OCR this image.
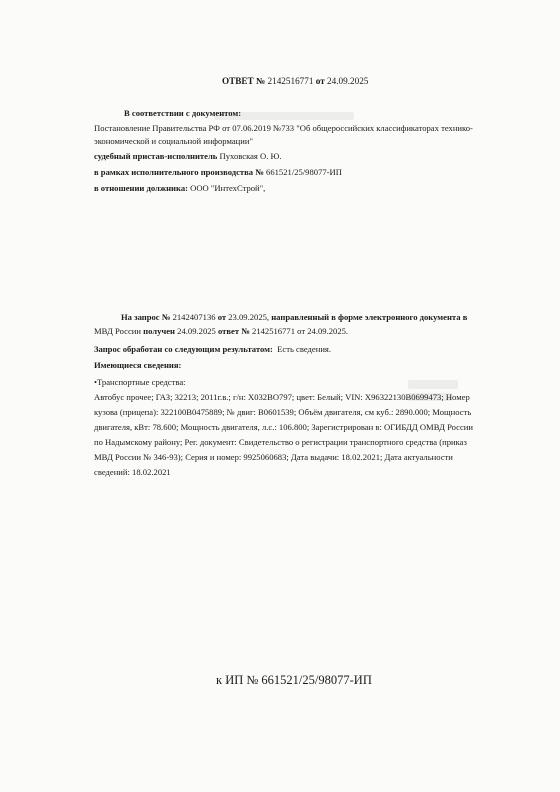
ОТВЕТ № 2142516771 от 24.09.2025
В соответствии с документом:
Постановление Правительства РФ от 07.06.2019 №733 "Об общероссийских классификаторах технико-
экономической и социальной информации"
судебный пристав-исполнитель Пуховская О. Ю.
в рамках исполнительного производства № 661521/25/98077-ИП
в отношении должника: ООО "ИнтехСтрой",
На запрос № 2142407136 от 23.09.2025, направленный в форме электронного документа в
МВД России получен 24.09.2025 ответ № 2142516771 от 24.09.2025.
Запрос обработан со следующим результатом: Есть сведения.
Имеющиеся сведения:
•Транспортные средства:
Автобус прочее; ГАЗ; 32213; 2011г.в.; г/н: Х032ВО797; цвет: Белый; VIN: Х96322130В0699473; Номер
кузова (прицепа): 322100В0475889; № двиг: В0601539; Объём двигателя, см куб.: 2890.000; Мощность
двигателя, кВт: 78.600; Мощность двигателя, л.с.: 106.800; Зарегистрирован в: ОГИБДД ОМВД России
по Надымскому району; Рег. документ: Свидетельство о регистрации транспортного средства (приказ
МВД России № 346-93); Серия и номер: 9925060683; Дата выдачи: 18.02.2021; Дата актуальности
сведений: 18.02.2021
к ИП № 661521/25/98077-ИП
